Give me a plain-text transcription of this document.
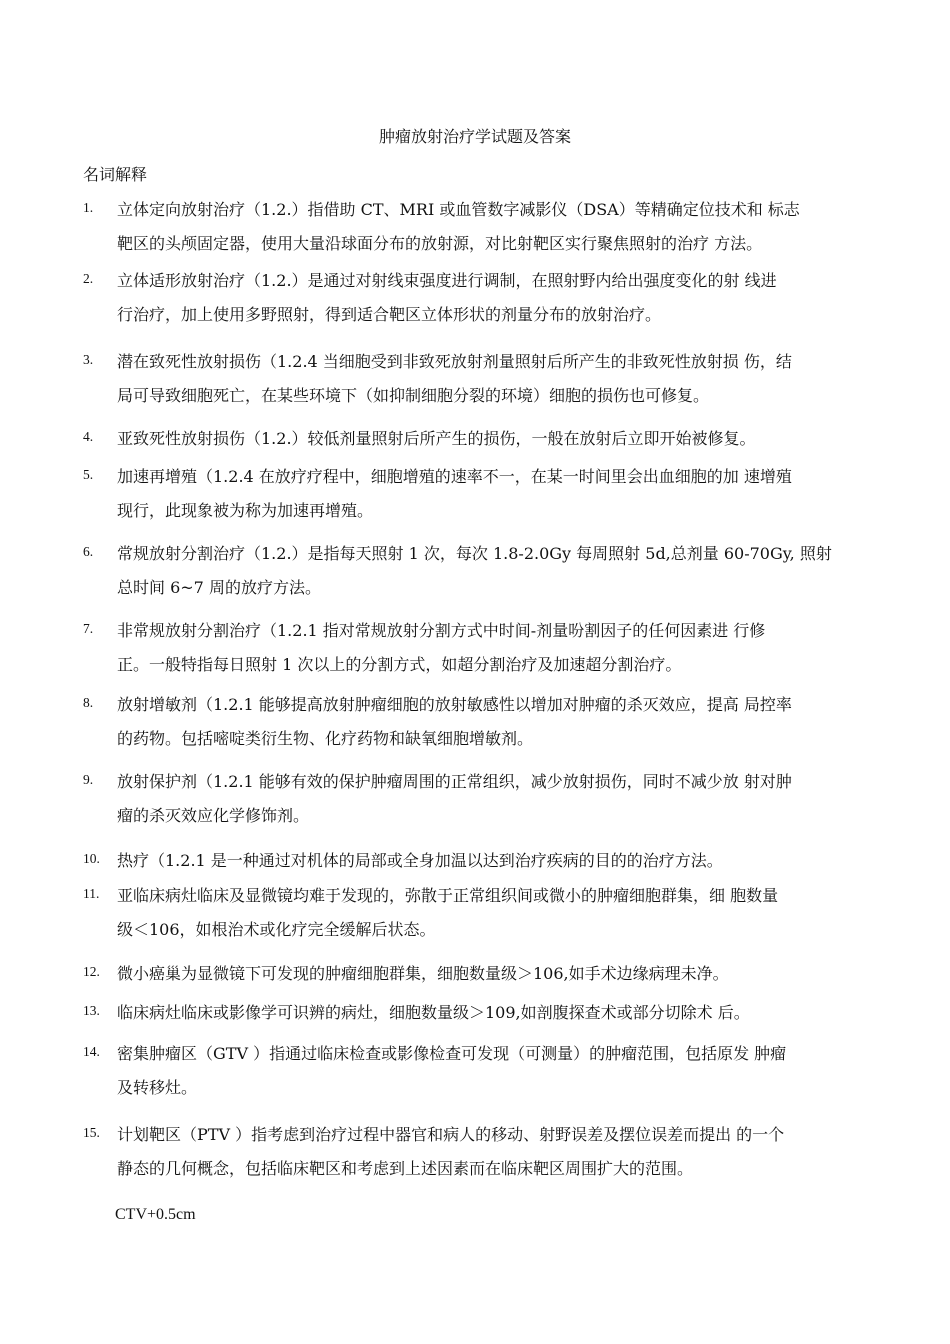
肿瘤放射治疗学试题及答案
名词解释
1. 立体定向放射治疗（1.2.）指借助 CT、MRI 或血管数字减影仪（DSA）等精确定位技术和 标志
靶区的头颅固定器，使用大量沿球面分布的放射源，对比射靶区实行聚焦照射的治疗 方法。
2. 立体适形放射治疗（1.2.）是通过对射线束强度进行调制，在照射野内给出强度变化的射 线进
行治疗，加上使用多野照射，得到适合靶区立体形状的剂量分布的放射治疗。
3. 潜在致死性放射损伤（1.2.4 当细胞受到非致死放射剂量照射后所产生的非致死性放射损 伤，结
局可导致细胞死亡，在某些环境下（如抑制细胞分裂的环境）细胞的损伤也可修复。
4. 亚致死性放射损伤（1.2.）较低剂量照射后所产生的损伤，一般在放射后立即开始被修复。
5. 加速再增殖（1.2.4 在放疗疗程中，细胞增殖的速率不一，在某一时间里会出血细胞的加 速增殖
现行，此现象被为称为加速再增殖。
6. 常规放射分割治疗（1.2.）是指每天照射 1 次，每次 1.8-2.0Gy 每周照射 5d,总剂量 60-70Gy, 照射
总时间 6~7 周的放疗方法。
7. 非常规放射分割治疗（1.2.1 指对常规放射分割方式中时间-剂量吩割因子的任何因素进 行修
正。一般特指每日照射 1 次以上的分割方式，如超分割治疗及加速超分割治疗。
8. 放射增敏剂（1.2.1 能够提高放射肿瘤细胞的放射敏感性以增加对肿瘤的杀灭效应，提高 局控率
的药物。包括嘧啶类衍生物、化疗药物和缺氧细胞增敏剂。
9. 放射保护剂（1.2.1 能够有效的保护肿瘤周围的正常组织，减少放射损伤，同时不减少放 射对肿
瘤的杀灭效应化学修饰剂。
10. 热疗（1.2.1 是一种通过对机体的局部或全身加温以达到治疗疾病的目的的治疗方法。
11. 亚临床病灶临床及显微镜均难于发现的，弥散于正常组织间或微小的肿瘤细胞群集，细 胞数量
级＜106，如根治术或化疗完全缓解后状态。
12. 微小癌巢为显微镜下可发现的肿瘤细胞群集，细胞数量级＞106,如手术边缘病理未净。
13. 临床病灶临床或影像学可识辨的病灶，细胞数量级＞109,如剖腹探查术或部分切除术 后。
14. 密集肿瘤区（GTV ）指通过临床检查或影像检查可发现（可测量）的肿瘤范围，包括原发 肿瘤
及转移灶。
15. 计划靶区（PTV ）指考虑到治疗过程中器官和病人的移动、射野误差及摆位误差而提出 的一个
静态的几何概念，包括临床靶区和考虑到上述因素而在临床靶区周围扩大的范围。
CTV+0.5cm
